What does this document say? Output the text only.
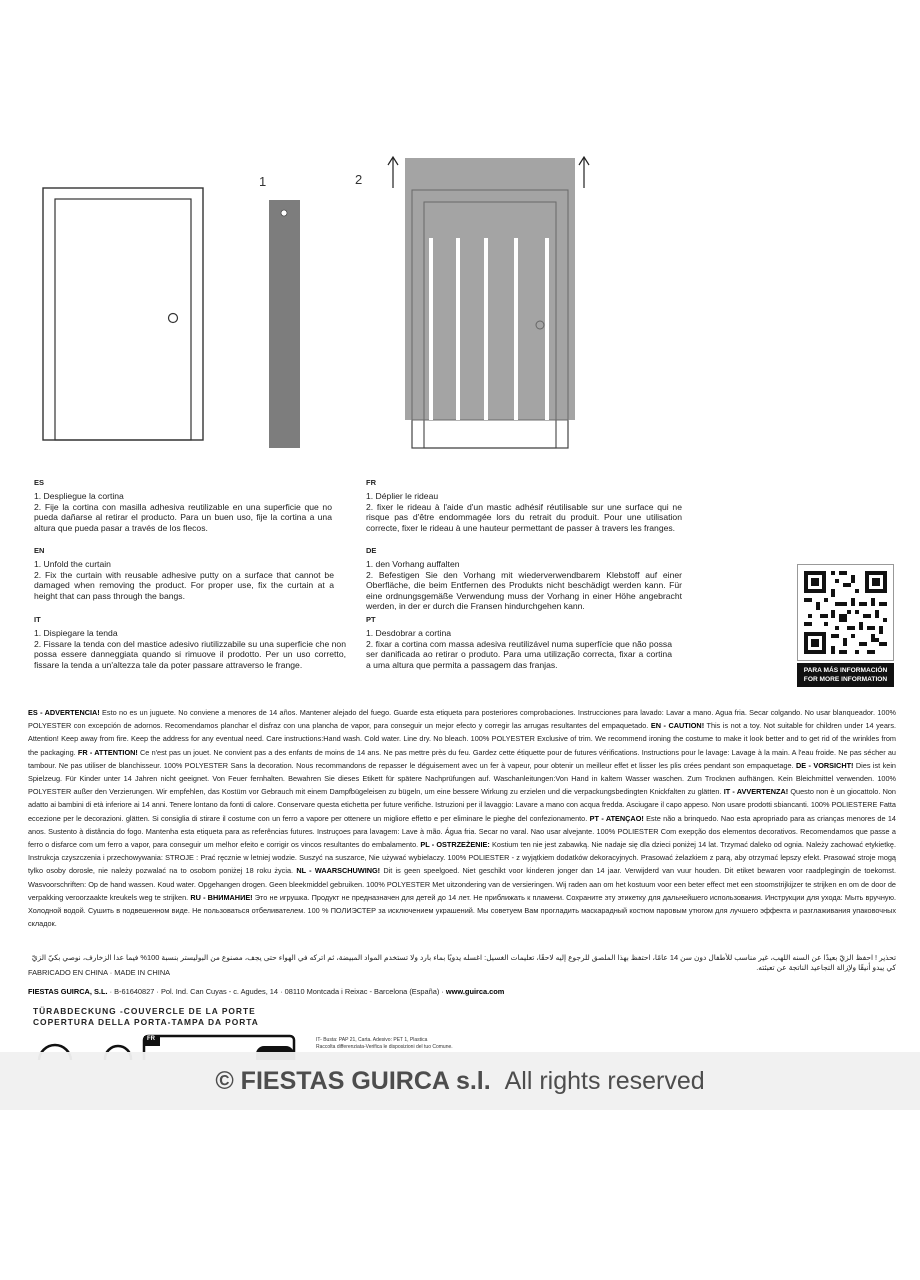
1	2
ES

1. Despliegue la cortina

2. Fije la cortina con masilla adhesiva reutilizable en una superficie que no pueda dañarse al retirar el producto. Para un buen uso, fije la cortina a una altura que pueda pasar a través de los flecos.

EN

1. Unfold the curtain

2. Fix the curtain with reusable adhesive putty on a surface that cannot be damaged when removing the product. For proper use, fix the curtain at a height that can pass through the bangs.

IT

1. Dispiegare la tenda

2. Fissare la tenda con del mastice adesivo riutilizzabile su una superficie che non possa essere danneggiata quando si rimuove il prodotto. Per un uso corretto, fissare la tenda a un'altezza tale da poter passare attraverso le frange.

FR

1. Déplier le rideau

2. fixer le rideau à l'aide d'un mastic adhésif réutilisable sur une surface qui ne risque pas d'être endommagée lors du retrait du produit. Pour une utilisation correcte, fixer le rideau à une hauteur permettant de passer à travers les franges.

DE

1. den Vorhang auffalten

2. Befestigen Sie den Vorhang mit wiederverwendbarem Klebstoff auf einer Oberfläche, die beim Entfernen des Produkts nicht beschädigt werden kann. Für eine ordnungsgemäße Verwendung muss der Vorhang in einer Höhe angebracht werden, in der er durch die Fransen hindurchgehen kann.

PT

1. Desdobrar a cortina

2. fixar a cortina com massa adesiva reutilizável numa superfície que não possa ser danificada ao retirar o produto. Para uma utilização correcta, fixar a cortina a uma altura que permita a passagem das franjas.

PARA MÁS INFORMACIÓN
FOR MORE INFORMATION

ES - ADVERTENCIA! Esto no es un juguete. No conviene a menores de 14 años. Mantener alejado del fuego. Guarde esta etiqueta para posteriores comprobaciones. Instrucciones para lavado: Lavar a mano. Agua fria. Secar colgando. No usar blanqueador. 100% POLYESTER con excepción de adornos. Recomendamos planchar el disfraz con una plancha de vapor, para conseguir un mejor efecto y corregir las arrugas resultantes del empaquetado. EN - CAUTION! This is not a toy. Not suitable for children under 14 years. Attention! Keep away from fire. Keep the address for any eventual need. Care instructions:Hand wash. Cold water. Line dry. No bleach. 100% POLYESTER Exclusive of trim. We recommend ironing the costume to make it look better and to get rid of the wrinkles from the packaging. FR - ATTENTION! Ce n'est pas un jouet. Ne convient pas a des enfants de moins de 14 ans. Ne pas mettre près du feu. Gardez cette étiquette pour de futures vérifications. Instructions pour le lavage: Lavage à la main. A l'eau froide. Ne pas sécher au tambour. Ne pas utiliser de blanchisseur. 100% POLYESTER Sans la decoration. Nous recommandons de repasser le déguisement avec un fer à vapeur, pour obtenir un meilleur effet et lisser les plis crées pendant son empaquetage. DE - VORSICHT! Dies ist kein Spielzeug. Für Kinder unter 14 Jahren nicht geeignet. Von Feuer fernhalten. Bewahren Sie dieses Etikett für spätere Nachprüfungen auf. Waschanleitungen:Von Hand in kaltem Wasser waschen. Zum Trocknen aufhängen. Kein Bleichmittel verwenden. 100% POLYESTER außer den Verzierungen. Wir empfehlen, das Kostüm vor Gebrauch mit einem Dampfbügeleisen zu bügeln, um eine bessere Wirkung zu erzielen und die verpackungsbedingten Knickfalten zu glätten. IT - AVVERTENZA! Questo non è un giocattolo. Non adatto ai bambini di età inferiore ai 14 anni. Tenere lontano da fonti di calore. Conservare questa etichetta per future verifiche. Istruzioni per il lavaggio: Lavare a mano con acqua fredda. Asciugare il capo appeso. Non usare prodotti sbiancanti. 100% POLIESTERE Fatta eccezione per le decorazioni. glätten. Si consiglia di stirare il costume con un ferro a vapore per ottenere un migliore effetto e per eliminare le pieghe del confezionamento. PT - ATENÇAO! Este não a brinquedo. Nao esta apropriado para as crianças menores de 14 anos. Sustento à distância do fogo. Mantenha esta etiqueta para as referências futures. Instruçoes para lavagem: Lave à mão. Água fria. Secar no varal. Nao usar alvejante. 100% POLIESTER Com exepção dos elementos decorativos. Recomendamos que passe a ferro o disfarce com um ferro a vapor, para conseguir um melhor efeito e corrigir os vincos resultantes do embalamento. PL - OSTRZEŻENIE: Kostium ten nie jest zabawką. Nie nadaje się dla dzieci poniżej 14 lat. Trzymać daleko od ognia. Należy zachować etykietkę. Instrukcja czyszczenia i przechowywania: STROJE : Prać ręcznie w letniej wodzie. Suszyć na suszarce, Nie używać wybielaczy. 100% POLIESTER - z wyjątkiem dodatków dekoracyjnych. Prasować żelazkiem z parą, aby otrzymać lepszy efekt. Prasować stroje mogą tylko osoby dorosłe, nie należy pozwalać na to osobom poniżej 18 roku życia. NL - WAARSCHUWING! Dit is geen speelgoed. Niet geschikt voor kinderen jonger dan 14 jaar. Verwijderd van vuur houden. Dit etiket bewaren voor raadplegingin de toekomst. Wasvoorschriften: Op de hand wassen. Koud water. Opgehangen drogen. Geen bleekmiddel gebruiken. 100% POLYESTER Met uitzondering van de versieringen. Wij raden aan om het kostuum voor een beter effect met een stoomstrijkijzer te strijken en om de door de verpakking veroorzaakte kreukels weg te strijken. RU - ВНИМАНИЕ! Это не игрушка. Продукт не предназначен для детей до 14 лет. Не приближать к пламени. Сохраните эту этикетку для дальнейшего использования. Инструкции для ухода: Мыть вручную. Холодной водой. Сушить в подвешенном виде. Не пользоваться отбеливателем. 100 % ПОЛИЭСТЕР за исключением украшений. Мы советуем Вам прогладить маскарадный костюм паровым утюгом для лучшего эффекта и разглаживания упаковочных складок.

تحذير ! احفظ الزيّ بعيدًا عن السنه اللهب، غير مناسب للأطفال دون سن 14 عامًا، احتفظ بهذا الملصق للرجوع إليه لاحقًا، تعليمات الغسيل: اغسله يدويًا بماء بارد ولا تستخدم المواد المبيضة، ثم اتركه في الهواء حتى يجف، مصنوع من البوليستر بنسبة 100% فيما عدا الزخارف، نوصي بكيّ الزيّ كي يبدو أنيقًا ولإزالة التجاعيد الناتجة عن تعبئته.

FABRICADO EN CHINA · MADE IN CHINA
FIESTAS GUIRCA, S.L. · B-61640827 · Pol. Ind. Can Cuyas - c. Agudes, 14 · 08110 Montcada i Reixac - Barcelona (España) · www.guirca.com
TÜRABDECKUNG -COUVERCLE DE LA PORTE
COPERTURA DELLA PORTA-TAMPA DA PORTA
FR	IT- Busta: PAP 21, Carta. Adesivo: PET 1, Plastica
Raccolta differenziata-Verifica le disposizioni del tuo Comune.
© FIESTAS GUIRCA s.l. All rights reserved
